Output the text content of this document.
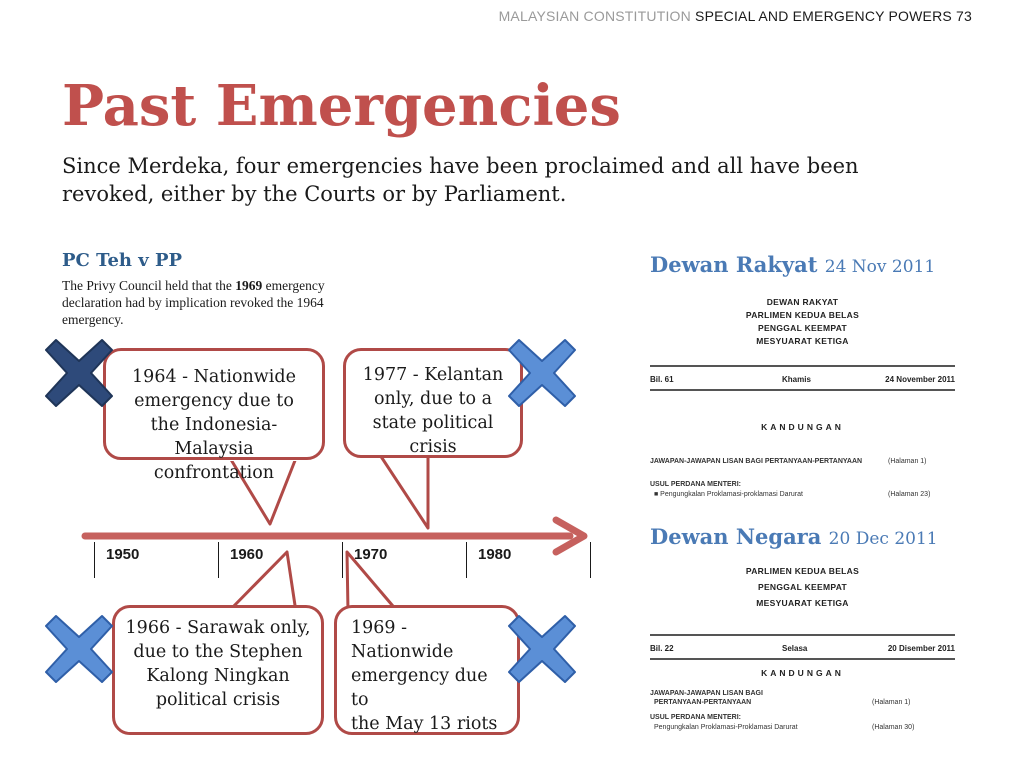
MALAYSIAN CONSTITUTION SPECIAL AND EMERGENCY POWERS 73
Past Emergencies
Since Merdeka, four emergencies have been proclaimed and all have been revoked, either by the Courts or by Parliament.
PC Teh v PP
The Privy Council held that the 1969 emergency declaration had by implication revoked the 1964 emergency.
1950	1960	1970	1980
1964 - Nationwide emergency due to the Indonesia-Malaysia confrontation
1977 - Kelantan only, due to a state political crisis
1966 - Sarawak only, due to the Stephen Kalong Ningkan political crisis
1969 -
Nationwide
emergency due
to
the May 13 riots
Dewan Rakyat 24 Nov 2011
DEWAN RAKYAT
PARLIMEN KEDUA BELAS
PENGGAL KEEMPAT
MESYUARAT KETIGA
Bil. 61	Khamis	24 November 2011
KANDUNGAN
JAWAPAN-JAWAPAN LISAN BAGI PERTANYAAN-PERTANYAAN	(Halaman 1)
USUL PERDANA MENTERI:
■ Pengungkalan Proklamasi-proklamasi Darurat	(Halaman 23)
Dewan Negara 20 Dec 2011
PARLIMEN KEDUA BELAS
PENGGAL KEEMPAT
MESYUARAT KETIGA
Bil. 22	Selasa	20 Disember 2011
KANDUNGAN
JAWAPAN-JAWAPAN LISAN BAGI
PERTANYAAN-PERTANYAAN	(Halaman 1)
USUL PERDANA MENTERI:
Pengungkalan Proklamasi-Proklamasi Darurat	(Halaman 30)
